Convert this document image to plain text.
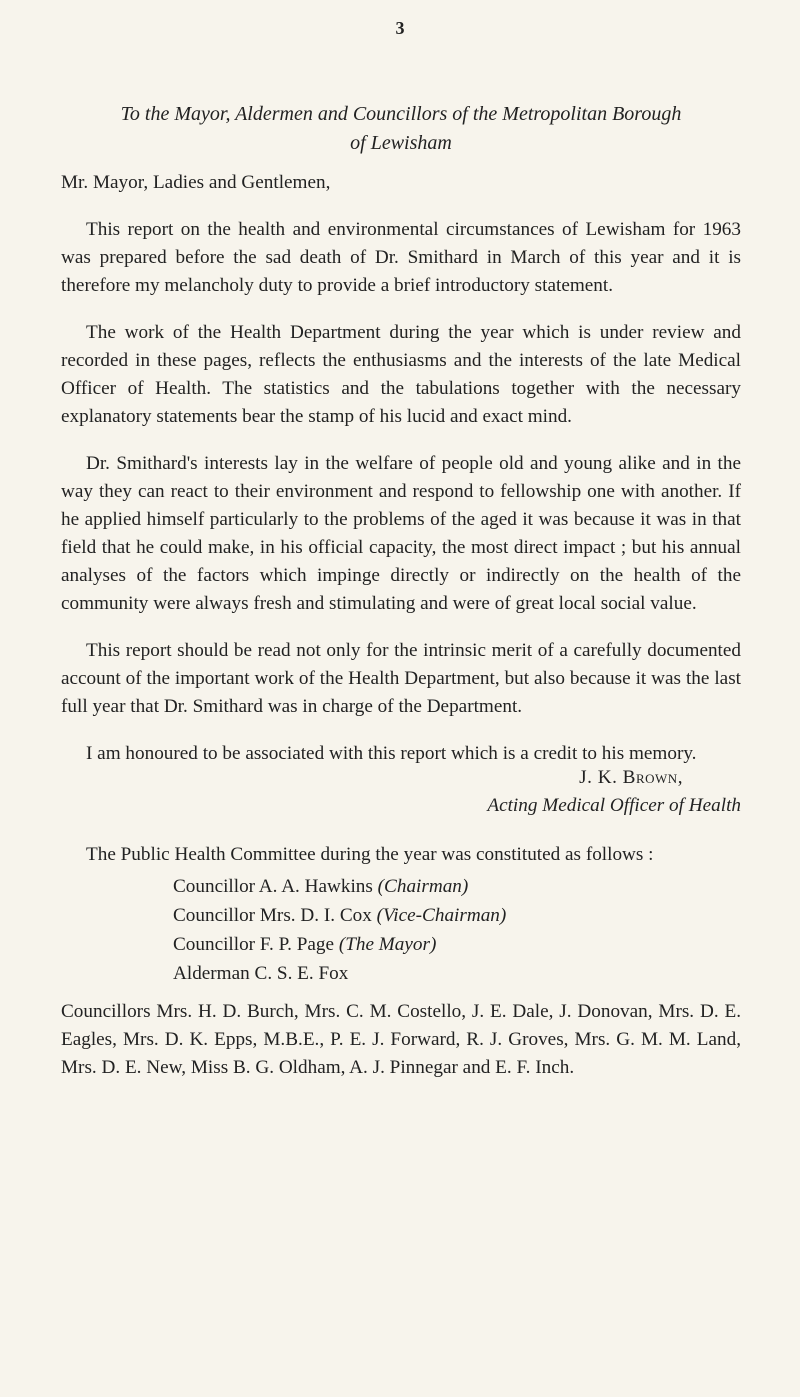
3
To the Mayor, Aldermen and Councillors of the Metropolitan Borough
of Lewisham
Mr. Mayor, Ladies and Gentlemen,

This report on the health and environmental circumstances of Lewisham for 1963 was prepared before the sad death of Dr. Smithard in March of this year and it is therefore my melancholy duty to provide a brief introductory statement.

The work of the Health Department during the year which is under review and recorded in these pages, reflects the enthusiasms and the interests of the late Medical Officer of Health. The statistics and the tabulations together with the necessary explanatory statements bear the stamp of his lucid and exact mind.

Dr. Smithard's interests lay in the welfare of people old and young alike and in the way they can react to their environment and respond to fellowship one with another. If he applied himself particularly to the problems of the aged it was because it was in that field that he could make, in his official capacity, the most direct impact ; but his annual analyses of the factors which impinge directly or indirectly on the health of the community were always fresh and stimulating and were of great local social value.

This report should be read not only for the intrinsic merit of a carefully documented account of the important work of the Health Department, but also because it was the last full year that Dr. Smithard was in charge of the Department.

I am honoured to be associated with this report which is a credit to his memory.

J. K. Brown,
Acting Medical Officer of Health

The Public Health Committee during the year was constituted as follows :

Councillor A. A. Hawkins (Chairman)
Councillor Mrs. D. I. Cox (Vice-Chairman)
Councillor F. P. Page (The Mayor)
Alderman C. S. E. Fox

Councillors Mrs. H. D. Burch, Mrs. C. M. Costello, J. E. Dale, J. Donovan, Mrs. D. E. Eagles, Mrs. D. K. Epps, M.B.E., P. E. J. Forward, R. J. Groves, Mrs. G. M. M. Land, Mrs. D. E. New, Miss B. G. Oldham, A. J. Pinnegar and E. F. Inch.
